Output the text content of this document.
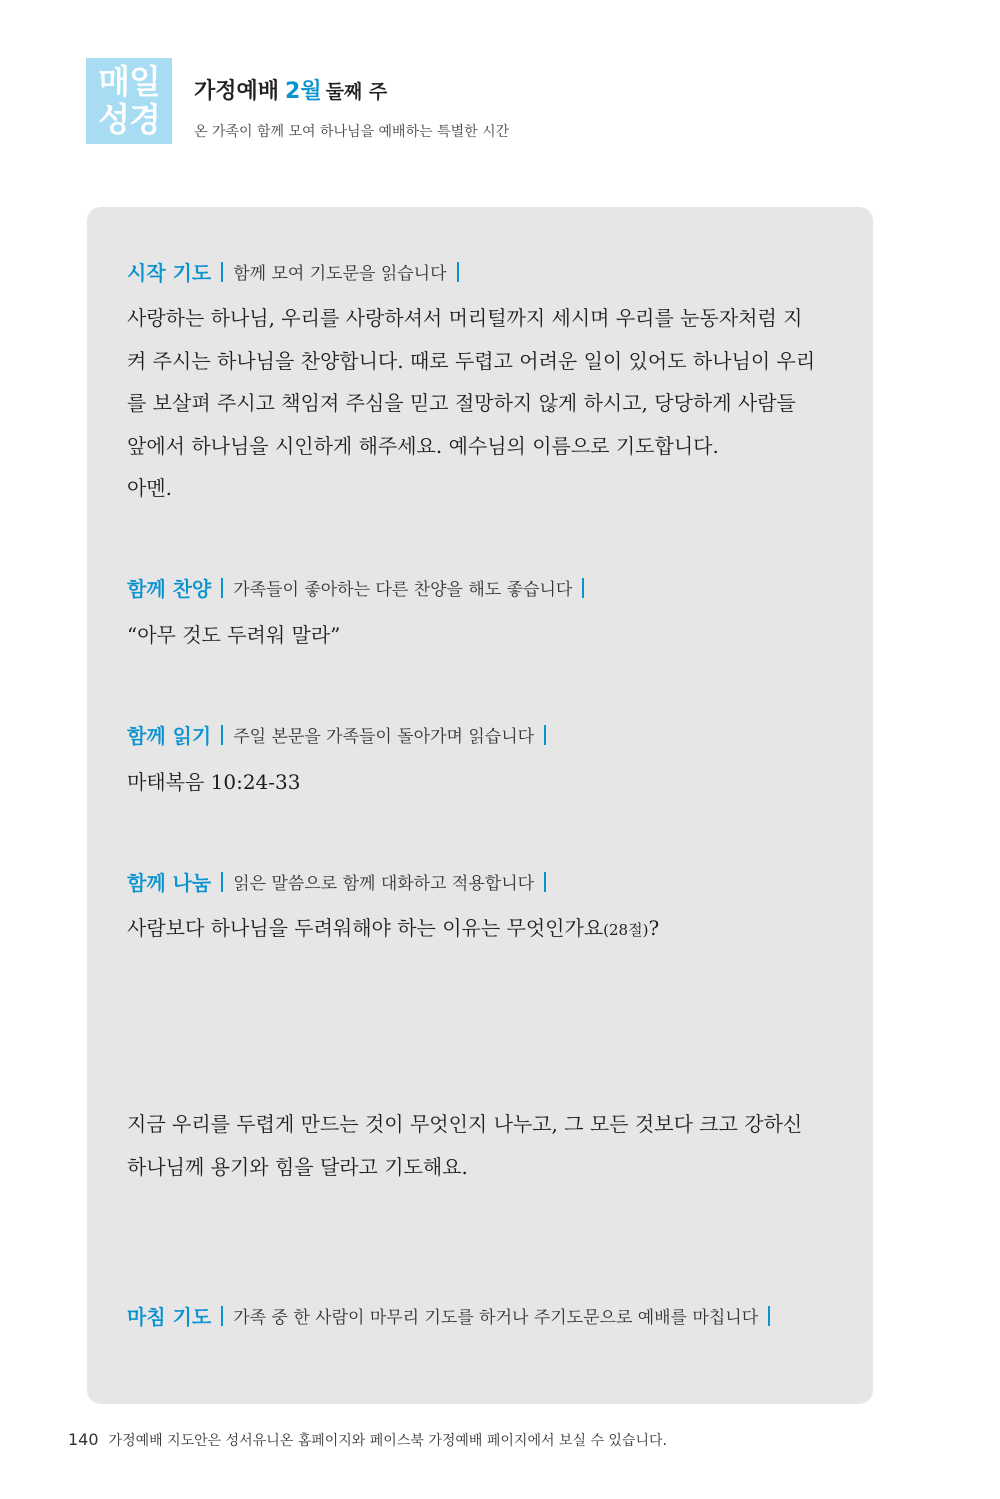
매일
성경
가정예배 2월 둘째 주
온 가족이 함께 모여 하나님을 예배하는 특별한 시간
시작 기도 함께 모여 기도문을 읽습니다
사랑하는 하나님, 우리를 사랑하셔서 머리털까지 세시며 우리를 눈동자처럼 지켜 주시는 하나님을 찬양합니다. 때로 두렵고 어려운 일이 있어도 하나님이 우리를 보살펴 주시고 책임져 주심을 믿고 절망하지 않게 하시고, 당당하게 사람들 앞에서 하나님을 시인하게 해주세요. 예수님의 이름으로 기도합니다.
아멘.
함께 찬양 가족들이 좋아하는 다른 찬양을 해도 좋습니다
“아무 것도 두려워 말라”
함께 읽기 주일 본문을 가족들이 돌아가며 읽습니다
마태복음 10:24-33
함께 나눔 읽은 말씀으로 함께 대화하고 적용합니다
사람보다 하나님을 두려워해야 하는 이유는 무엇인가요(28절)?
지금 우리를 두렵게 만드는 것이 무엇인지 나누고, 그 모든 것보다 크고 강하신 하나님께 용기와 힘을 달라고 기도해요.
마침 기도 가족 중 한 사람이 마무리 기도를 하거나 주기도문으로 예배를 마칩니다
140 가정예배 지도안은 성서유니온 홈페이지와 페이스북 가정예배 페이지에서 보실 수 있습니다.
